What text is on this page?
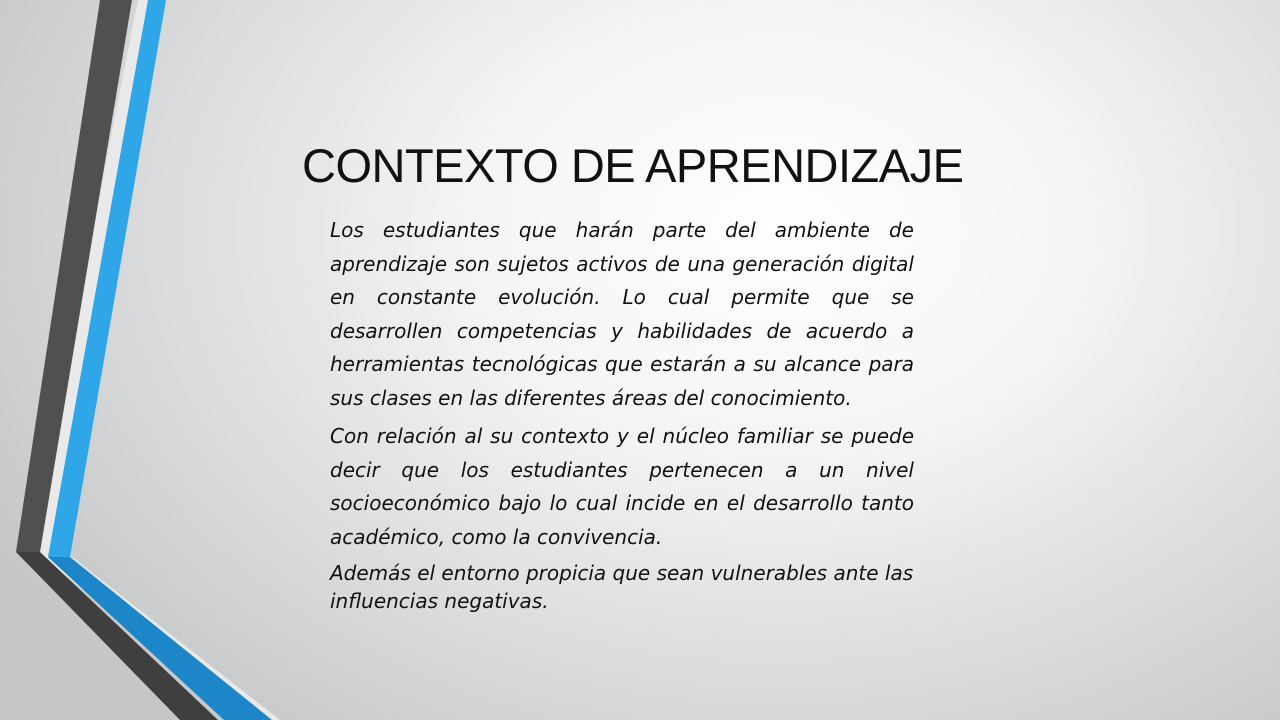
CONTEXTO DE APRENDIZAJE

Los estudiantes que harán parte del ambiente de aprendizaje son sujetos activos de una generación digital en constante evolución. Lo cual permite que se desarrollen competencias y habilidades de acuerdo a herramientas tecnológicas que estarán a su alcance para sus clases en las diferentes áreas del conocimiento.

Con relación al su contexto y el núcleo familiar se puede decir que los estudiantes pertenecen a un nivel socioeconómico bajo lo cual incide en el desarrollo tanto académico, como la convivencia.

Además el entorno propicia que sean vulnerables ante las influencias negativas.
